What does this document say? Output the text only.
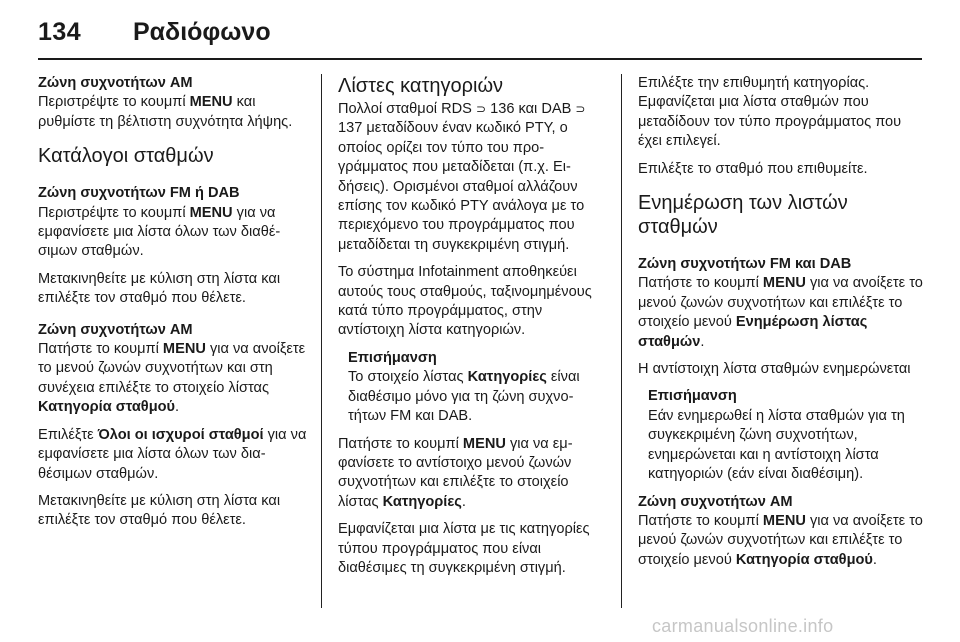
134 Ραδιόφωνο
Ζώνη συχνοτήτων AM

Περιστρέψτε το κουμπί MENU και ρυθμίστε τη βέλτιστη συχνότητα λήψης.

Κατάλογοι σταθμών
Ζώνη συχνοτήτων FM ή DAB

Περιστρέψτε το κουμπί MENU για να εμφανίσετε μια λίστα όλων των διαθέσιμων σταθμών.

Μετακινηθείτε με κύλιση στη λίστα και επιλέξτε τον σταθμό που θέλετε.

Ζώνη συχνοτήτων AM

Πατήστε το κουμπί MENU για να ανοίξετε το μενού ζωνών συχνοτήτων και στη συνέχεια επιλέξτε το στοιχείο λίστας Κατηγορία σταθμού.

Επιλέξτε Όλοι οι ισχυροί σταθμοί για να εμφανίσετε μια λίστα όλων των διαθέσιμων σταθμών.

Μετακινηθείτε με κύλιση στη λίστα και επιλέξτε τον σταθμό που θέλετε.

Λίστες κατηγοριών

Πολλοί σταθμοί RDS ⊃ 136 και DAB ⊃ 137 μεταδίδουν έναν κωδικό PTY, ο οποίος ορίζει τον τύπο του προγράμματος που μεταδίδεται (π.χ. Ειδήσεις). Ορισμένοι σταθμοί αλλάζουν επίσης τον κωδικό PTY ανάλογα με το περιεχόμενο του προγράμματος που μεταδίδεται τη συγκεκριμένη στιγμή.

Το σύστημα Infotainment αποθηκεύει αυτούς τους σταθμούς, ταξινομημένους κατά τύπο προγράμματος, στην αντίστοιχη λίστα κατηγοριών.

Επισήμανση
Το στοιχείο λίστας Κατηγορίες είναι διαθέσιμο μόνο για τη ζώνη συχνοτήτων FM και DAB.

Πατήστε το κουμπί MENU για να εμφανίσετε το αντίστοιχο μενού ζωνών συχνοτήτων και επιλέξτε το στοιχείο λίστας Κατηγορίες.

Εμφανίζεται μια λίστα με τις κατηγορίες τύπου προγράμματος που είναι διαθέσιμες τη συγκεκριμένη στιγμή.

Επιλέξτε την επιθυμητή κατηγορίας. Εμφανίζεται μια λίστα σταθμών που μεταδίδουν τον τύπο προγράμματος που έχει επιλεγεί.

Επιλέξτε το σταθμό που επιθυμείτε.

Ενημέρωση των λιστών σταθμών
Ζώνη συχνοτήτων FM και DAB

Πατήστε το κουμπί MENU για να ανοίξετε το μενού ζωνών συχνοτήτων και επιλέξτε το στοιχείο μενού Ενημέρωση λίστας σταθμών.

Η αντίστοιχη λίστα σταθμών ενημερώνεται

Επισήμανση
Εάν ενημερωθεί η λίστα σταθμών για τη συγκεκριμένη ζώνη συχνοτήτων, ενημερώνεται και η αντίστοιχη λίστα κατηγοριών (εάν είναι διαθέσιμη).
Ζώνη συχνοτήτων AM

Πατήστε το κουμπί MENU για να ανοίξετε το μενού ζωνών συχνοτήτων και επιλέξτε το στοιχείο μενού Κατηγορία σταθμού.

carmanualsonline.info
